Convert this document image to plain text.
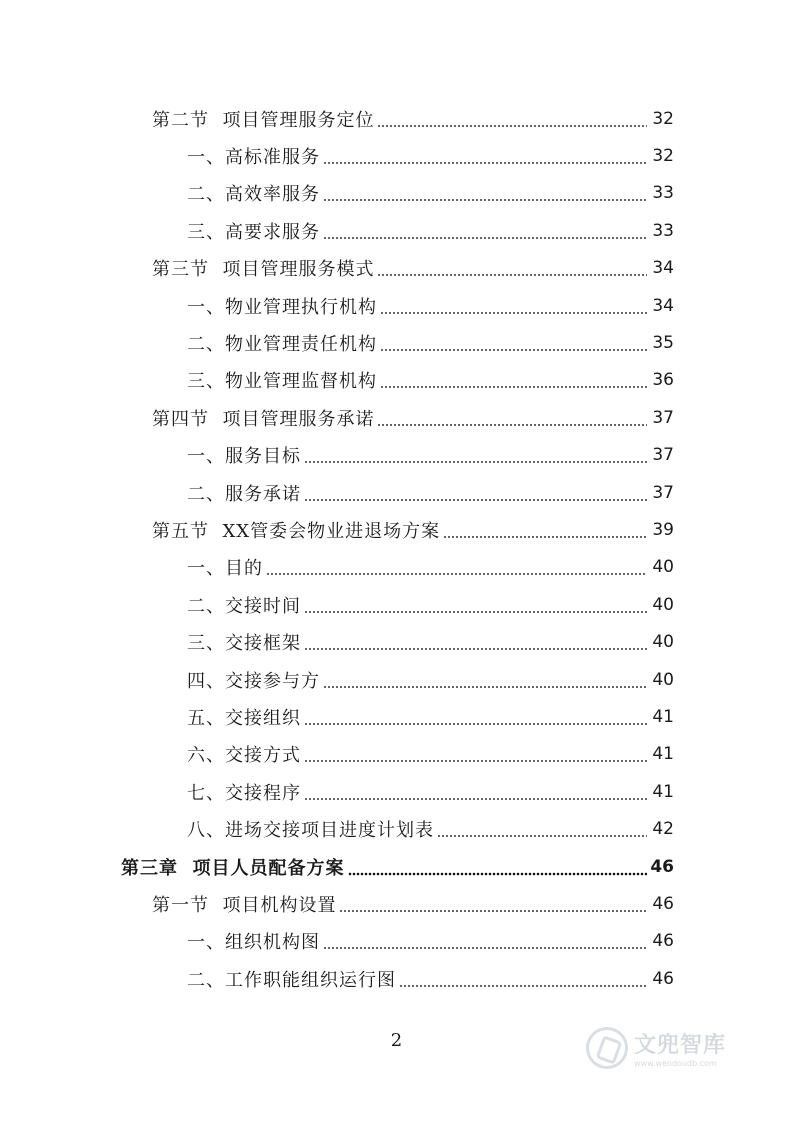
第二节  项目管理服务定位	32
一、高标准服务	32
二、高效率服务	33
三、高要求服务	33
第三节  项目管理服务模式	34
一、物业管理执行机构	34
二、物业管理责任机构	35
三、物业管理监督机构	36
第四节  项目管理服务承诺	37
一、服务目标	37
二、服务承诺	37
第五节  XX管委会物业进退场方案	39
一、目的	40
二、交接时间	40
三、交接框架	40
四、交接参与方	40
五、交接组织	41
六、交接方式	41
七、交接程序	41
八、进场交接项目进度计划表	42
第三章  项目人员配备方案	46
第一节  项目机构设置	46
一、组织机构图	46
二、工作职能组织运行图	46
2	文兜智库
www.wendoudb.com
